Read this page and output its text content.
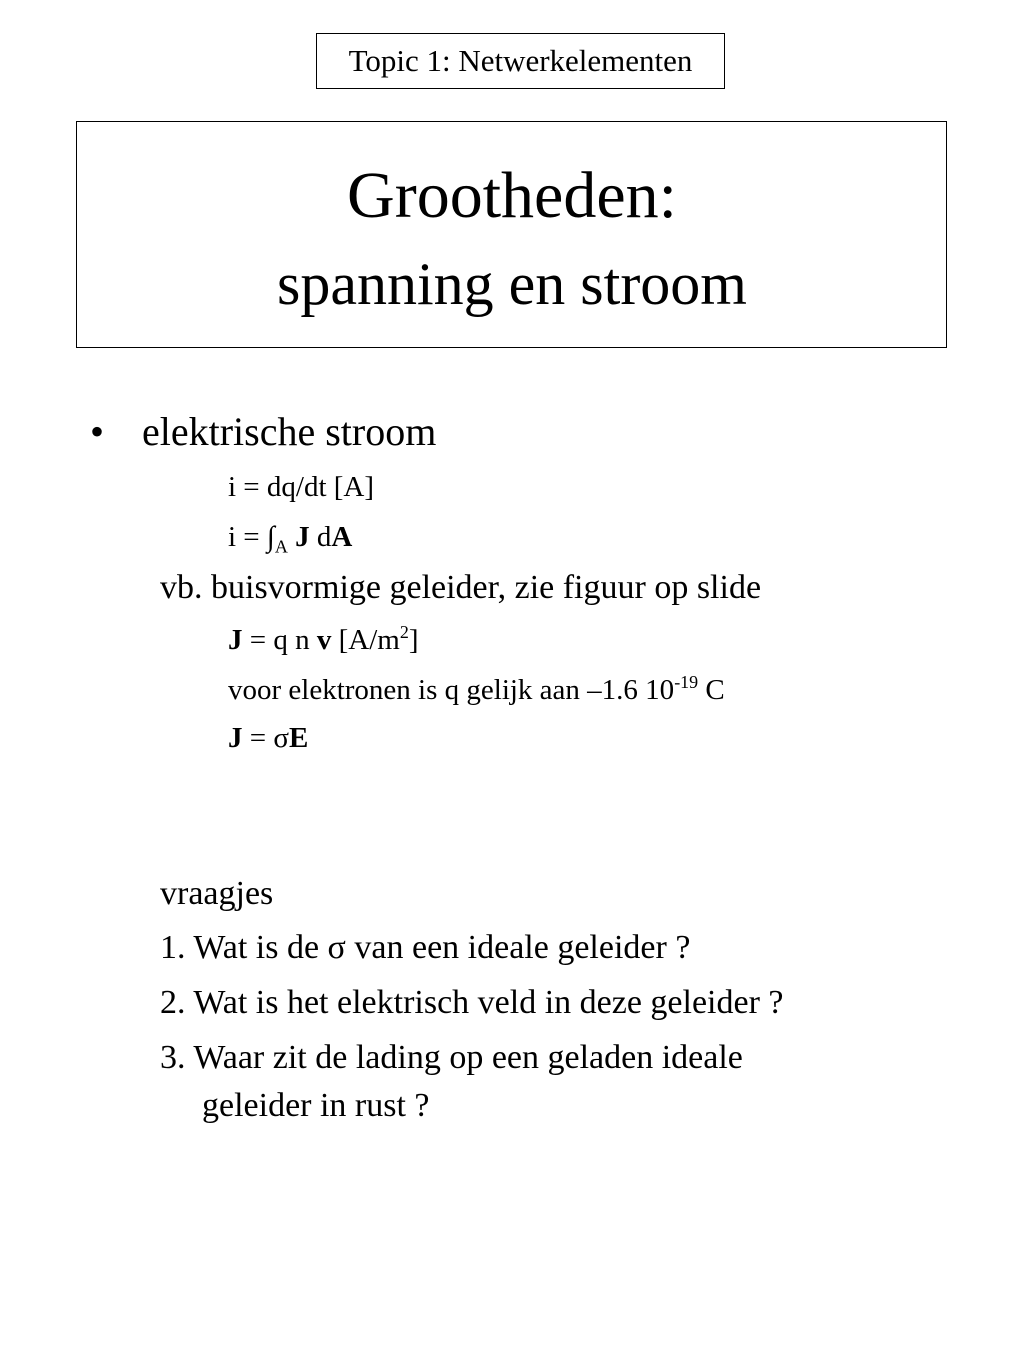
Topic 1: Netwerkelementen
Grootheden:
spanning en stroom
• elektrische stroom
i = dq/dt [A]
$i = \int_A$ J dA
vb. buisvormige geleider, zie figuur op slide
J = q n v $[A/m^2]$
voor elektronen is q gelijk aan –1.6 $10^{-19}$ C
J = σE
vraagjes
1. Wat is de σ van een ideale geleider ?
2. Wat is het elektrisch veld in deze geleider ?
3. Waar zit de lading op een geladen ideale
geleider in rust ?
